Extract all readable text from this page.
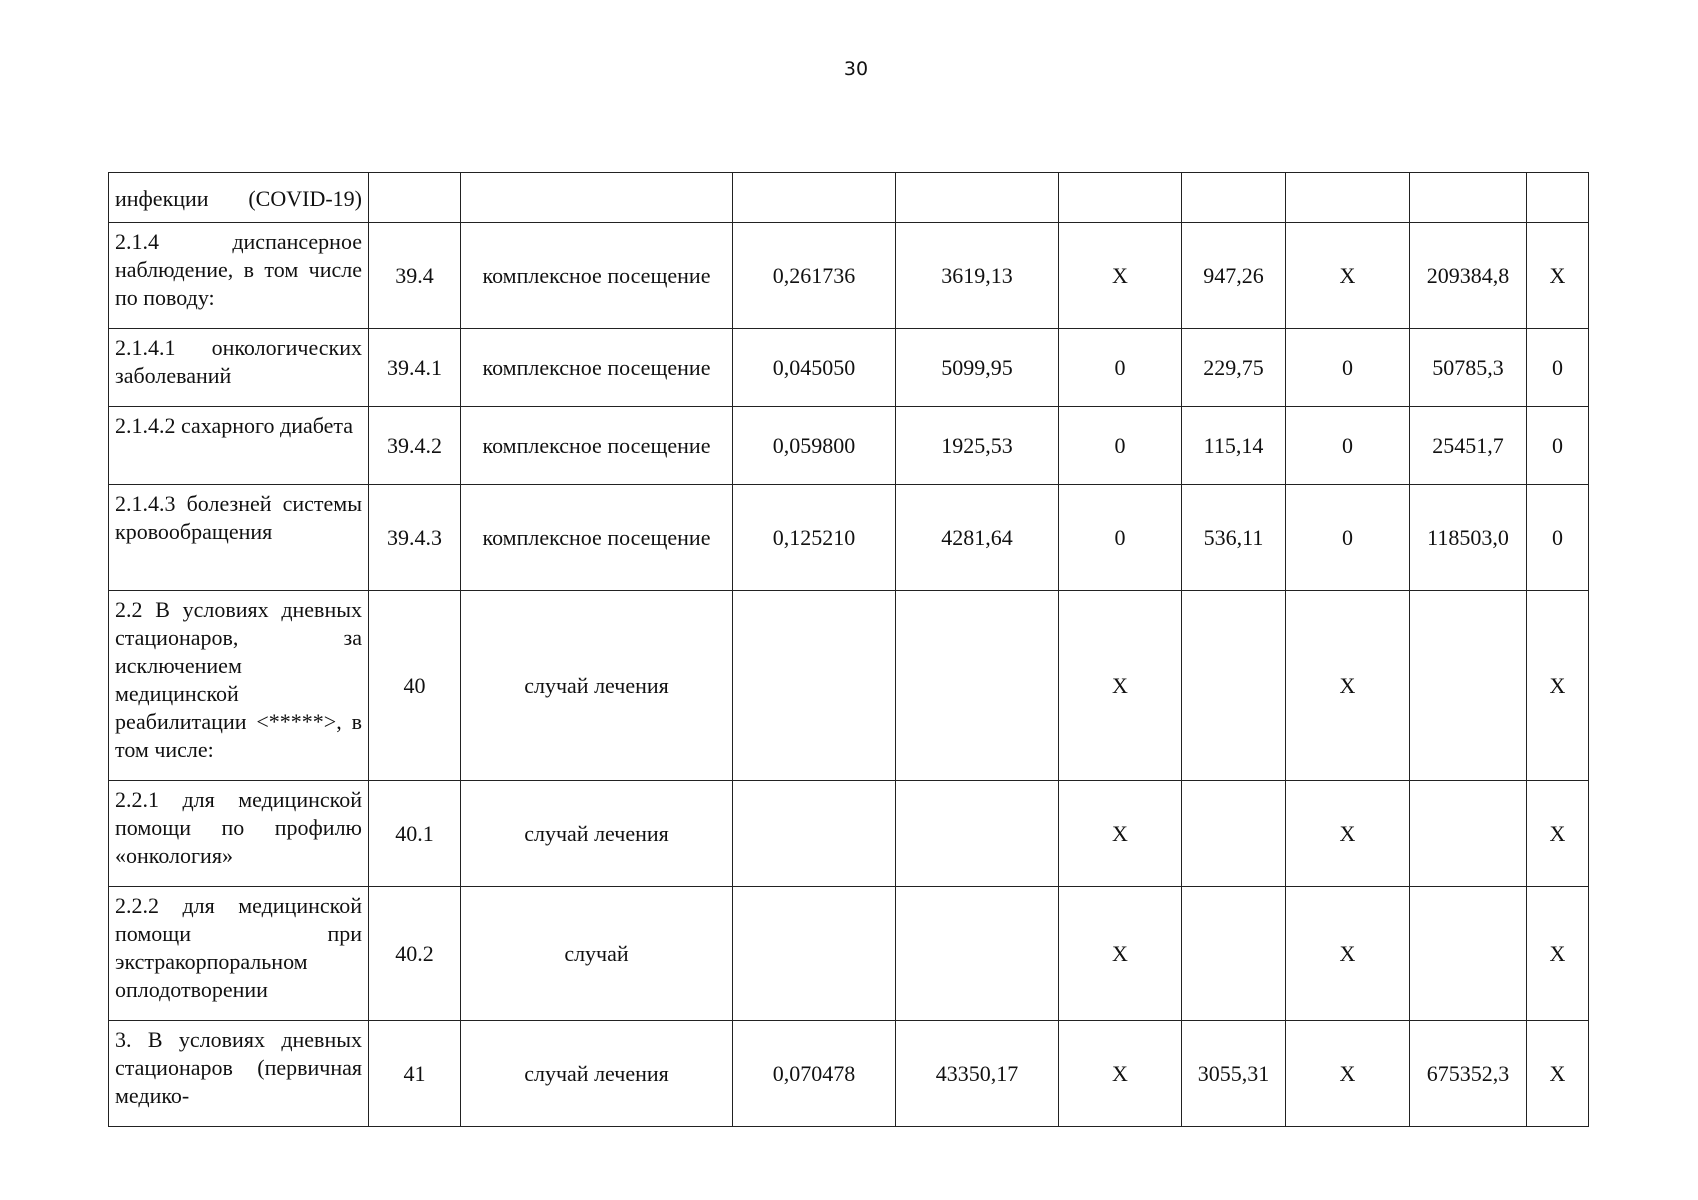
30
инфекции (COVID-19)									
2.1.4 диспансерное наблюдение, в том числе по поводу:	39.4	комплексное посещение	0,261736	3619,13	X	947,26	X	209384,8	X
2.1.4.1 онкологических заболеваний	39.4.1	комплексное посещение	0,045050	5099,95	0	229,75	0	50785,3	0
2.1.4.2 сахарного диабета	39.4.2	комплексное посещение	0,059800	1925,53	0	115,14	0	25451,7	0
2.1.4.3 болезней системы кровообращения	39.4.3	комплексное посещение	0,125210	4281,64	0	536,11	0	118503,0	0
2.2 В условиях дневных стационаров, за исключением медицинской реабилитации <*****>, в том числе:	40	случай лечения			X		X		X
2.2.1 для медицинской помощи по профилю «онкология»	40.1	случай лечения			X		X		X
2.2.2 для медицинской помощи при экстракорпоральном оплодотворении	40.2	случай			X		X		X
3. В условиях дневных стационаров (первичная медико-	41	случай лечения	0,070478	43350,17	X	3055,31	X	675352,3	X
